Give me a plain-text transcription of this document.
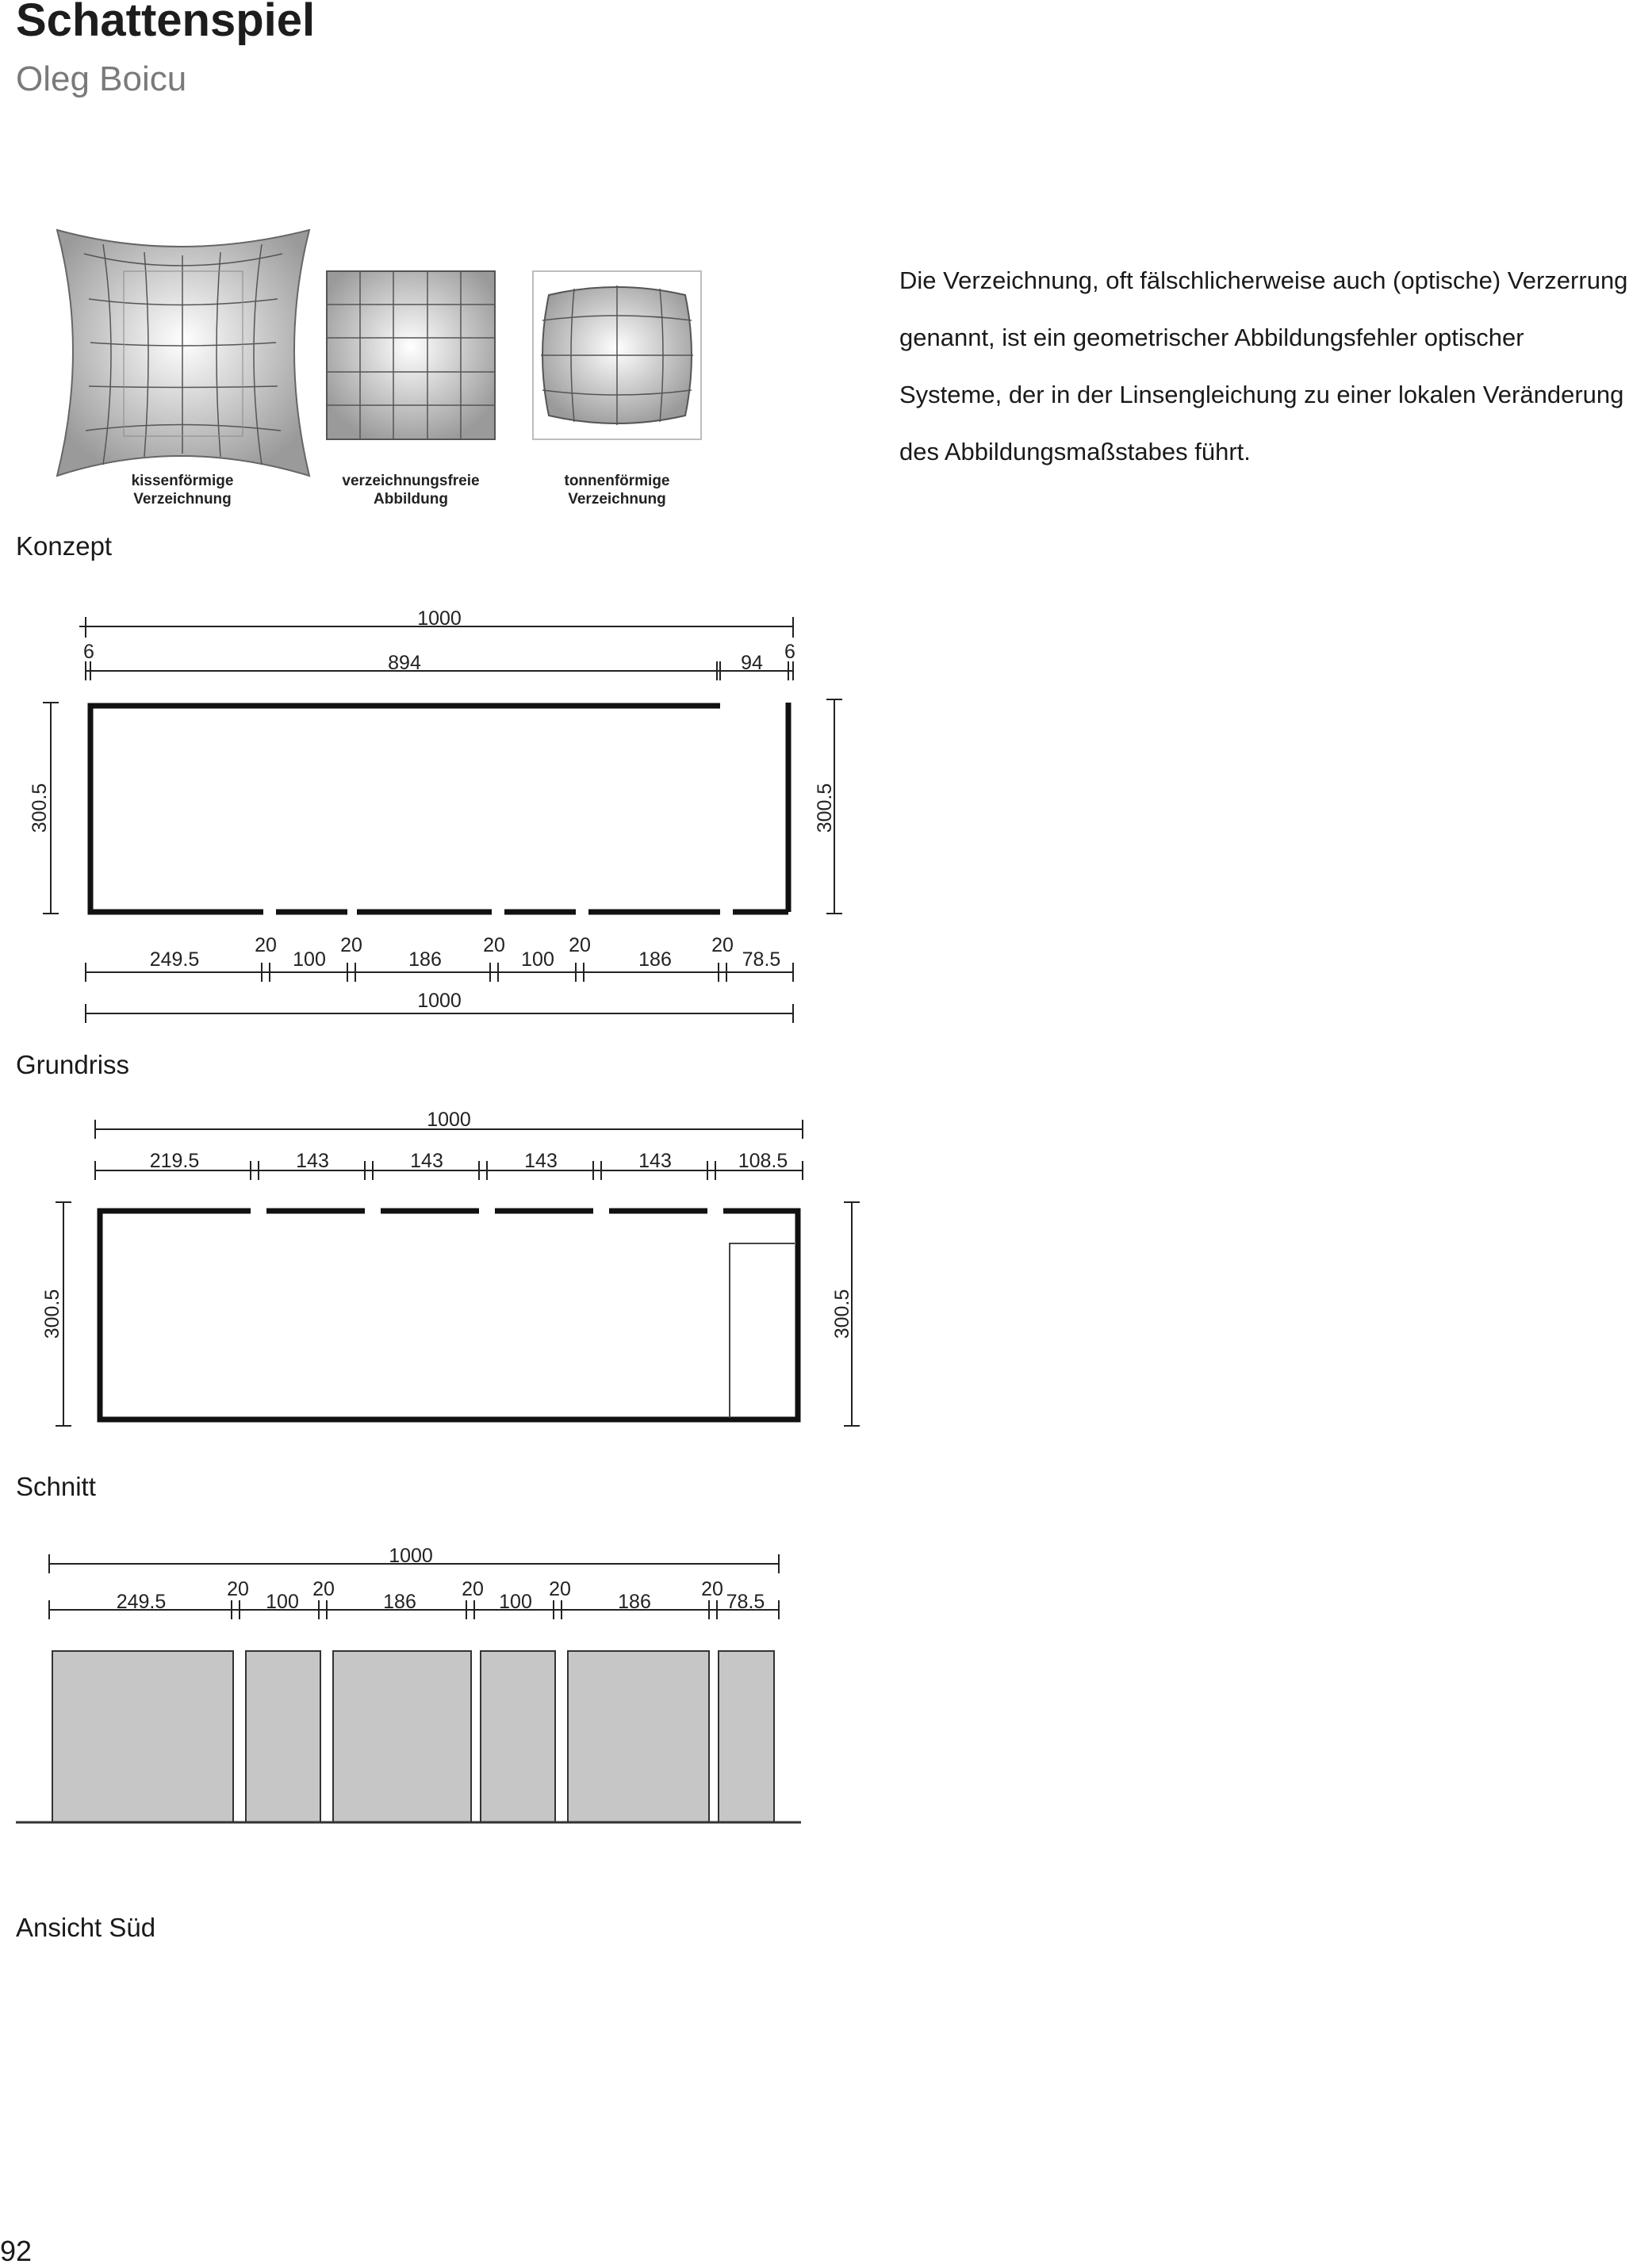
Schattenspiel

Oleg Boicu

kissenförmige
Verzeichnung
verzeichnungsfreie
Abbildung
tonnenförmige
Verzeichnung

Die Verzeichnung, oft fälschlicherweise auch (optische) Verzerrung genannt, ist ein geometrischer Abbildungsfehler optischer Systeme, der in der Linsengleichung zu einer lokalen Veränderung des Abbildungsmaßstabes führt.

Konzept
1000
6	894	94 6
300.5	300.5
249.5
20
100
20
186
20
100
20
186
20
78.5
1000
Grundriss
1000
219.5	143	143	143	143	108.5
300.5	300.5
Schnitt
1000
249.5
20
100
20
186
20
100
20
186
20
78.5
Ansicht Süd
92
